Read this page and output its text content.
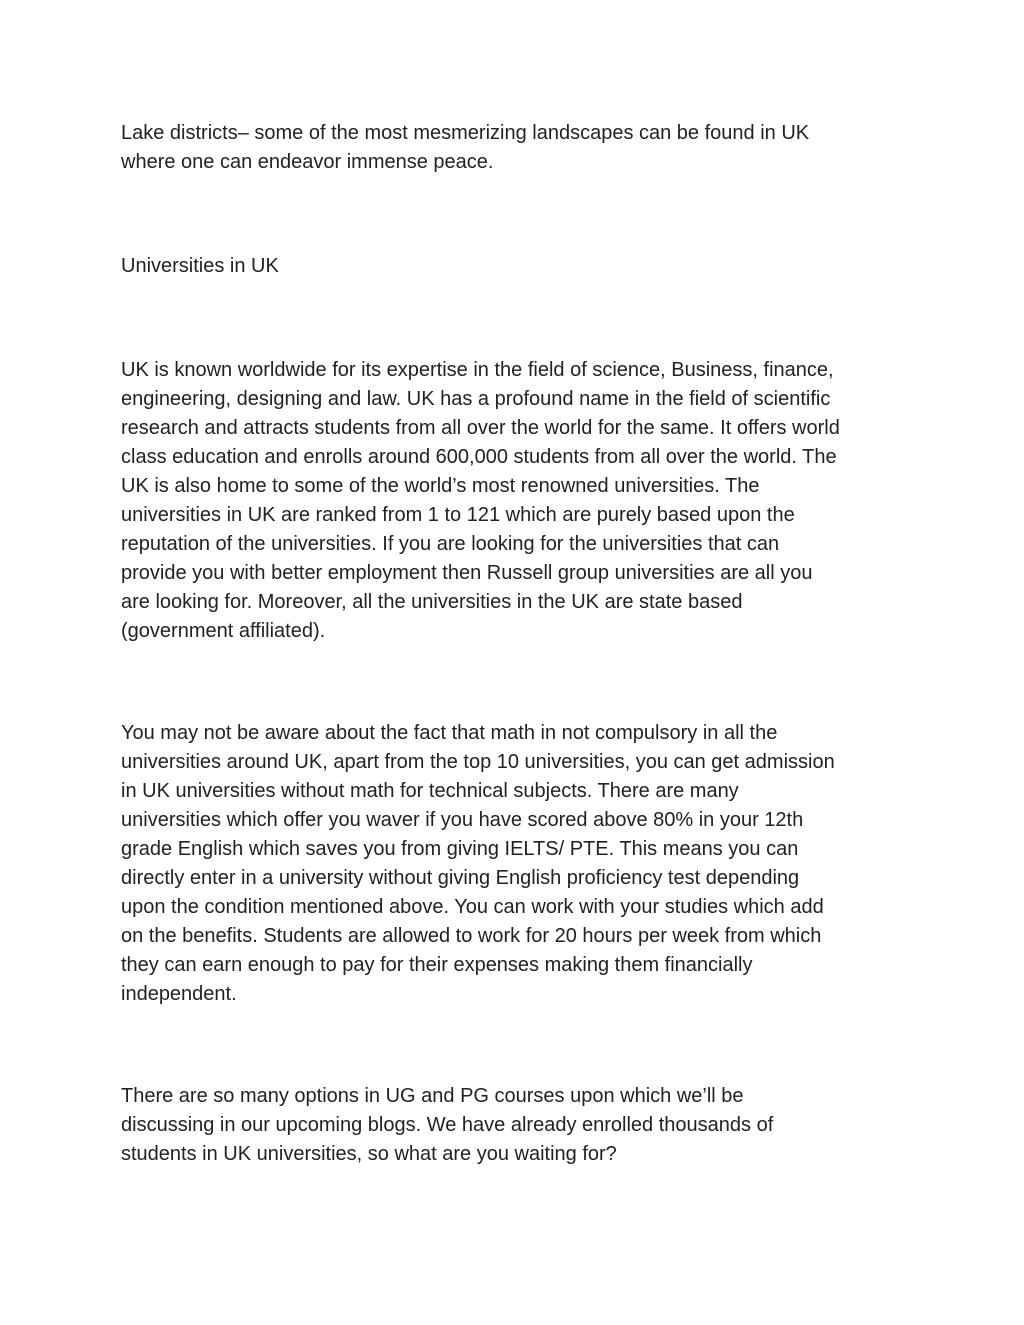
Lake districts– some of the most mesmerizing landscapes can be found in UK
where one can endeavor immense peace.

Universities in UK

UK is known worldwide for its expertise in the field of science, Business, finance,
engineering, designing and law. UK has a profound name in the field of scientific
research and attracts students from all over the world for the same. It offers world
class education and enrolls around 600,000 students from all over the world. The
UK is also home to some of the world’s most renowned universities. The
universities in UK are ranked from 1 to 121 which are purely based upon the
reputation of the universities. If you are looking for the universities that can
provide you with better employment then Russell group universities are all you
are looking for. Moreover, all the universities in the UK are state based
(government affiliated).

You may not be aware about the fact that math in not compulsory in all the
universities around UK, apart from the top 10 universities, you can get admission
in UK universities without math for technical subjects. There are many
universities which offer you waver if you have scored above 80% in your 12th
grade English which saves you from giving IELTS/ PTE. This means you can
directly enter in a university without giving English proficiency test depending
upon the condition mentioned above. You can work with your studies which add
on the benefits. Students are allowed to work for 20 hours per week from which
they can earn enough to pay for their expenses making them financially
independent.

There are so many options in UG and PG courses upon which we’ll be
discussing in our upcoming blogs. We have already enrolled thousands of
students in UK universities, so what are you waiting for?
